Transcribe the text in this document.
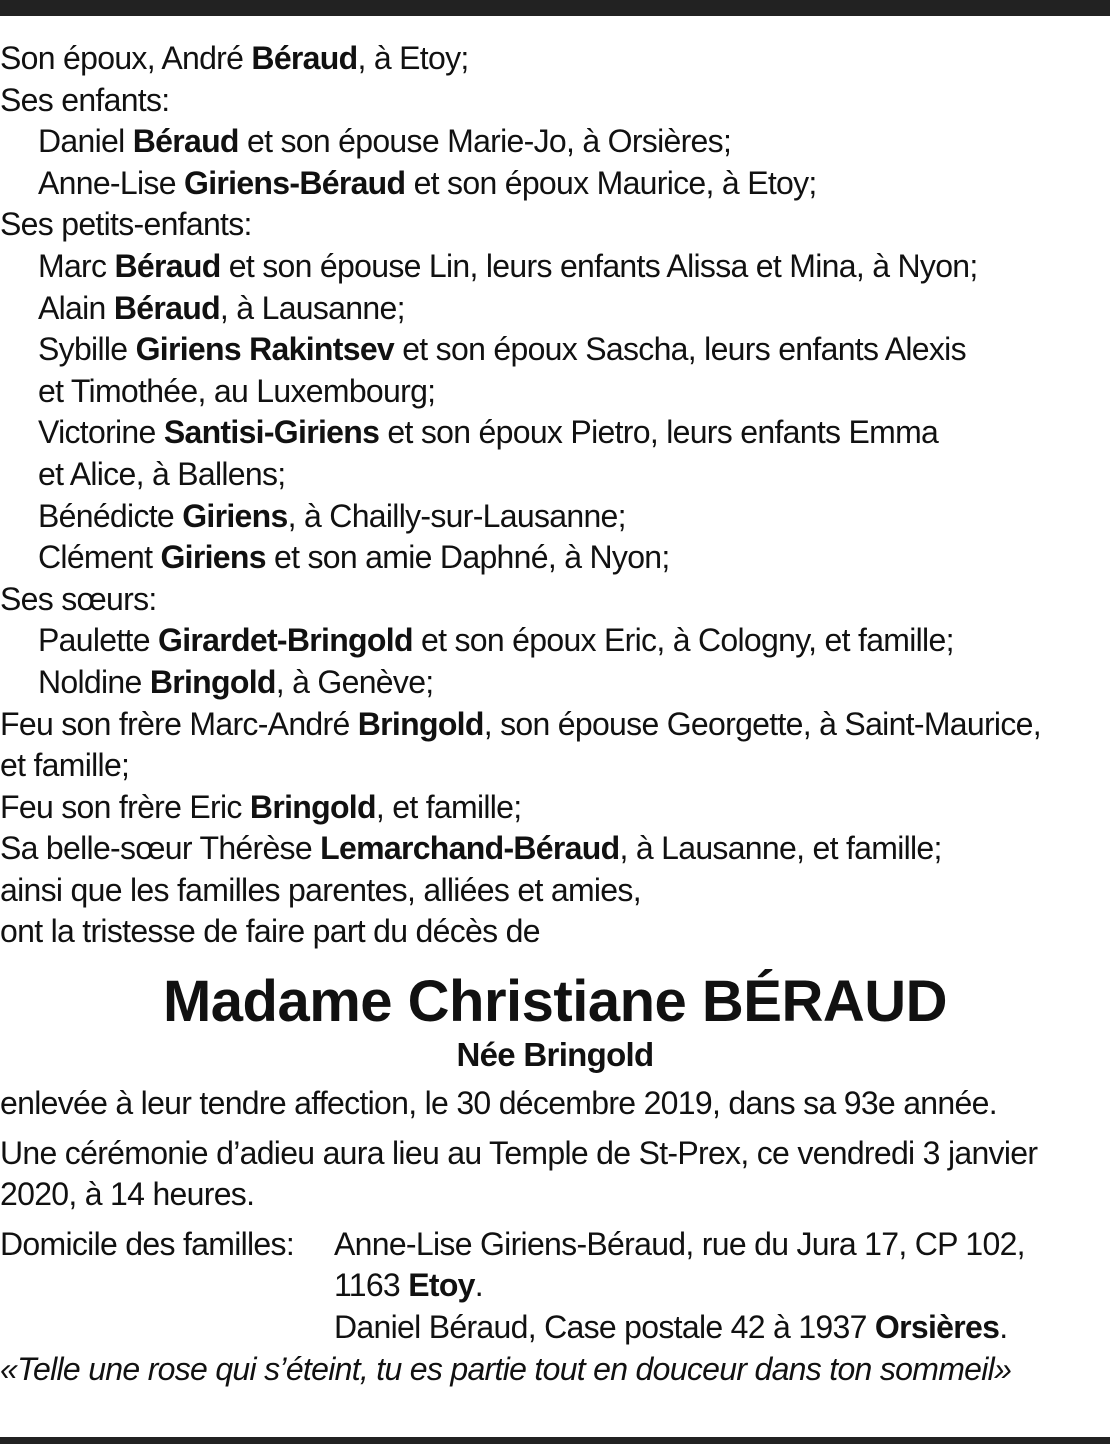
Son époux, André Béraud, à Etoy;
Ses enfants:
Daniel Béraud et son épouse Marie-Jo, à Orsières;
Anne-Lise Giriens-Béraud et son époux Maurice, à Etoy;
Ses petits-enfants:
Marc Béraud et son épouse Lin, leurs enfants Alissa et Mina, à Nyon;
Alain Béraud, à Lausanne;
Sybille Giriens Rakintsev et son époux Sascha, leurs enfants Alexis
et Timothée, au Luxembourg;
Victorine Santisi-Giriens et son époux Pietro, leurs enfants Emma
et Alice, à Ballens;
Bénédicte Giriens, à Chailly-sur-Lausanne;
Clément Giriens et son amie Daphné, à Nyon;
Ses sœurs:
Paulette Girardet-Bringold et son époux Eric, à Cologny, et famille;
Noldine Bringold, à Genève;
Feu son frère Marc-André Bringold, son épouse Georgette, à Saint-Maurice,
et famille;
Feu son frère Eric Bringold, et famille;
Sa belle-sœur Thérèse Lemarchand-Béraud, à Lausanne, et famille;
ainsi que les familles parentes, alliées et amies,
ont la tristesse de faire part du décès de
Madame Christiane BÉRAUD
Née Bringold
enlevée à leur tendre affection, le 30 décembre 2019, dans sa 93e année.
Une cérémonie d’adieu aura lieu au Temple de St-Prex, ce vendredi 3 janvier
2020, à 14 heures.
Domicile des familles: Anne-Lise Giriens-Béraud, rue du Jura 17, CP 102,
1163 Etoy.
Daniel Béraud, Case postale 42 à 1937 Orsières.
«Telle une rose qui s’éteint, tu es partie tout en douceur dans ton sommeil»
